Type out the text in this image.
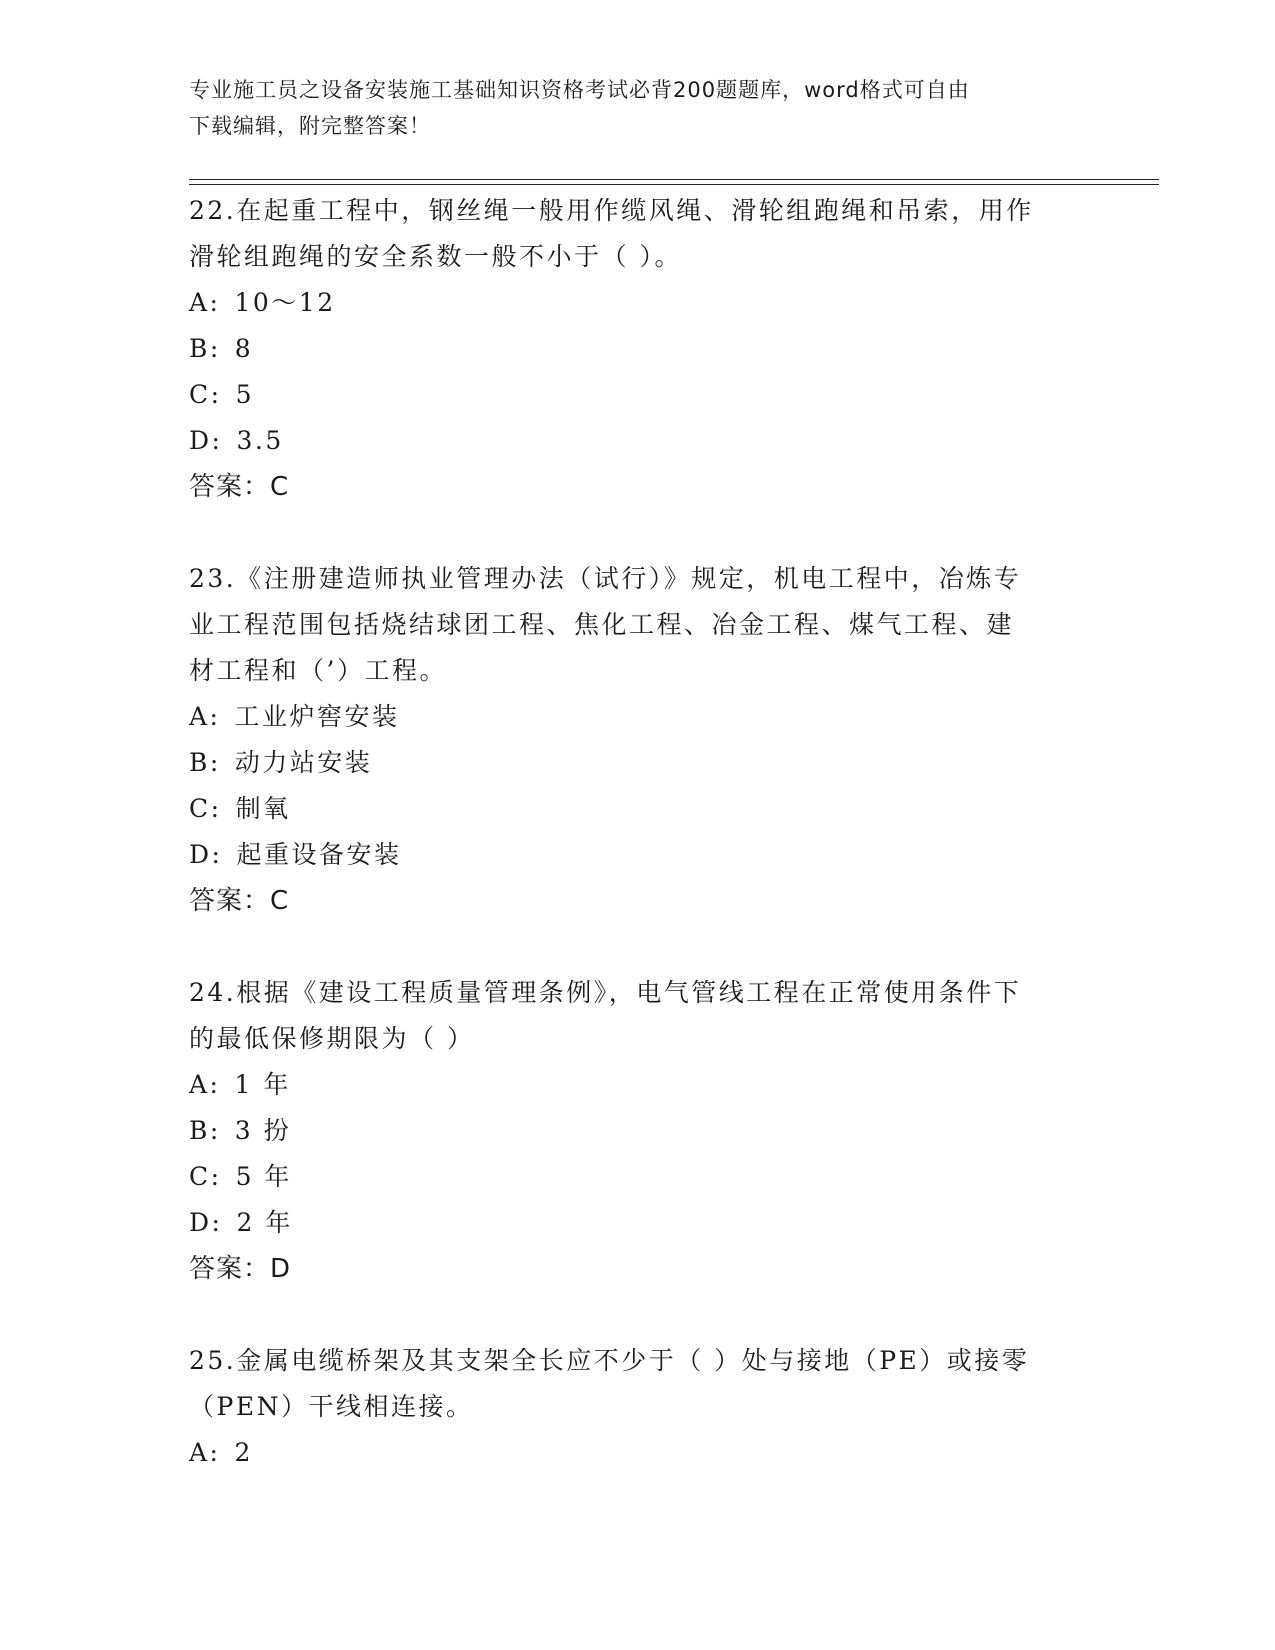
专业施工员之设备安装施工基础知识资格考试必背200题题库，word格式可自由
下载编辑，附完整答案！

22.在起重工程中，钢丝绳一般用作缆风绳、滑轮组跑绳和吊索，用作

滑轮组跑绳的安全系数一般不小于（ ）。

A: 10～12

B: 8

C: 5

D: 3.5

答案：C

23.《注册建造师执业管理办法（试行）》规定，机电工程中，冶炼专

业工程范围包括烧结球团工程、焦化工程、冶金工程、煤气工程、建

材工程和（’）工程。

A: 工业炉窖安装

B: 动力站安装

C: 制氧

D: 起重设备安装

答案：C

24.根据《建设工程质量管理条例》，电气管线工程在正常使用条件下

的最低保修期限为（ ）

A: 1 年

B: 3 扮

C: 5 年

D: 2 年

答案：D

25.金属电缆桥架及其支架全长应不少于（ ）处与接地（PE）或接零

（PEN）干线相连接。

A: 2
